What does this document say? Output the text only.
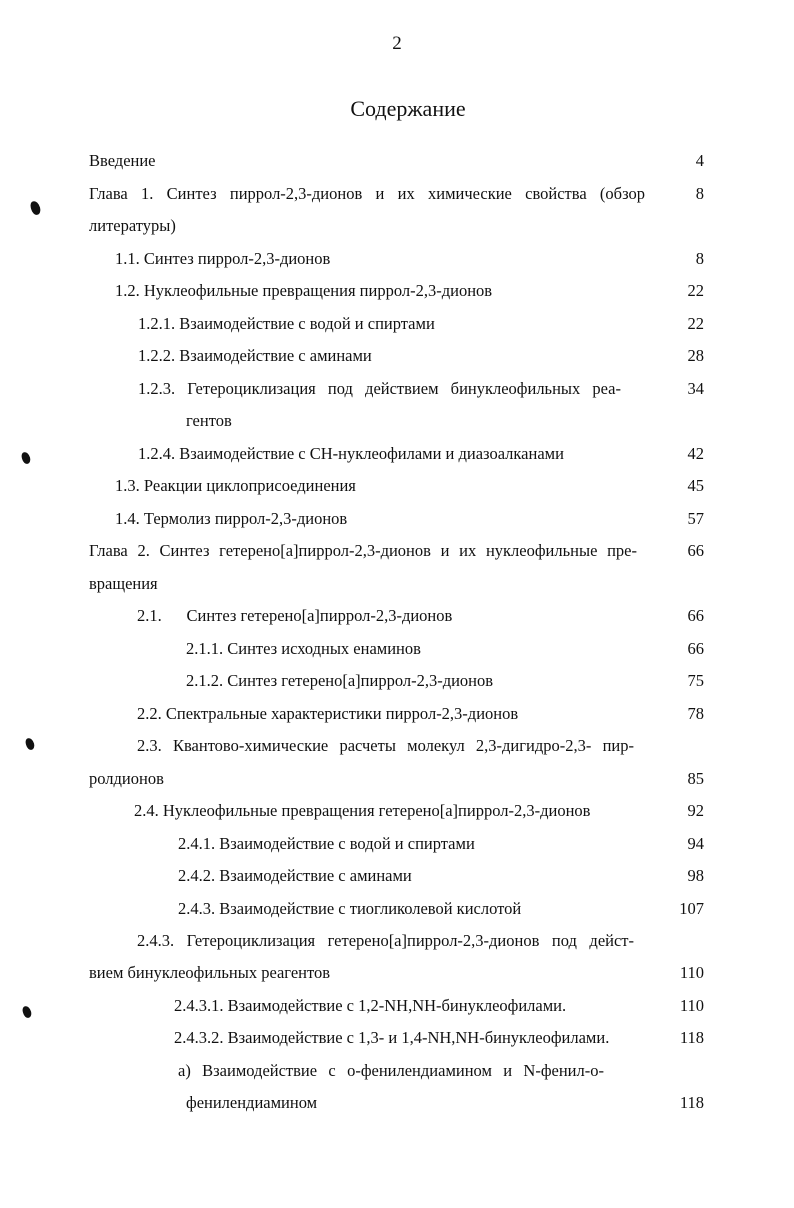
2
Содержание
Введение	4
Глава 1. Синтез пиррол-2,3-дионов и их химические свойства (обзор	8
литературы)
1.1. Синтез пиррол-2,3-дионов	8
1.2. Нуклеофильные превращения пиррол-2,3-дионов	22
1.2.1. Взаимодействие с водой и спиртами	22
1.2.2. Взаимодействие с аминами	28
1.2.3. Гетероциклизация под действием бинуклеофильных реа-	34
гентов
1.2.4. Взаимодействие с CH-нуклеофилами и диазоалканами	42
1.3. Реакции циклоприсоединения	45
1.4. Термолиз пиррол-2,3-дионов	57
Глава 2. Синтез гетерено[a]пиррол-2,3-дионов и их нуклеофильные пре-	66
вращения
2.1.      Синтез гетерено[a]пиррол-2,3-дионов	66
2.1.1. Синтез исходных енаминов	66
2.1.2. Синтез гетерено[a]пиррол-2,3-дионов	75
2.2. Спектральные характеристики пиррол-2,3-дионов	78
2.3. Квантово-химические расчеты молекул 2,3-дигидро-2,3- пир-
ролдионов	85
2.4. Нуклеофильные превращения гетерено[a]пиррол-2,3-дионов	92
2.4.1. Взаимодействие с водой и спиртами	94
2.4.2. Взаимодействие с аминами	98
2.4.3. Взаимодействие с тиогликолевой кислотой	107
2.4.3. Гетероциклизация гетерено[a]пиррол-2,3-дионов под дейст-
вием бинуклеофильных реагентов	110
2.4.3.1. Взаимодействие с 1,2-NH,NH-бинуклеофилами.	110
2.4.3.2. Взаимодействие с 1,3- и 1,4-NH,NH-бинуклеофилами.	118
а) Взаимодействие с o-фенилендиамином и N-фенил-o-
фенилендиамином	118
